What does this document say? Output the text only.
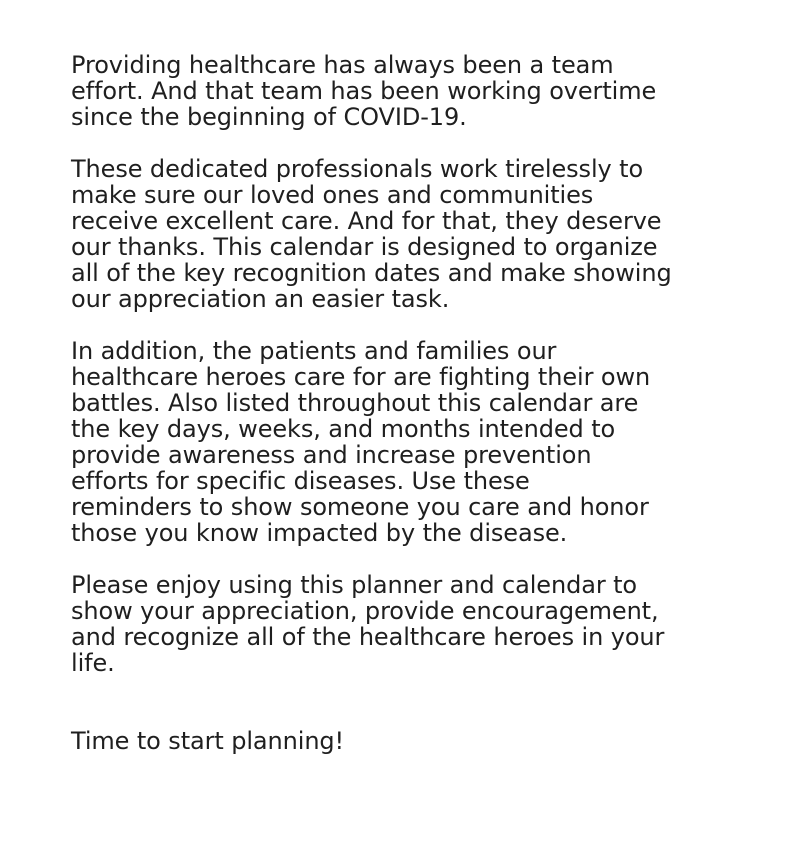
Providing healthcare has always been a team
effort. And that team has been working overtime
since the beginning of COVID-19.

These dedicated professionals work tirelessly to
make sure our loved ones and communities
receive excellent care. And for that, they deserve
our thanks. This calendar is designed to organize
all of the key recognition dates and make showing
our appreciation an easier task.

In addition, the patients and families our
healthcare heroes care for are fighting their own
battles. Also listed throughout this calendar are
the key days, weeks, and months intended to
provide awareness and increase prevention
efforts for specific diseases. Use these
reminders to show someone you care and honor
those you know impacted by the disease.

Please enjoy using this planner and calendar to
show your appreciation, provide encouragement,
and recognize all of the healthcare heroes in your
life.

Time to start planning!
